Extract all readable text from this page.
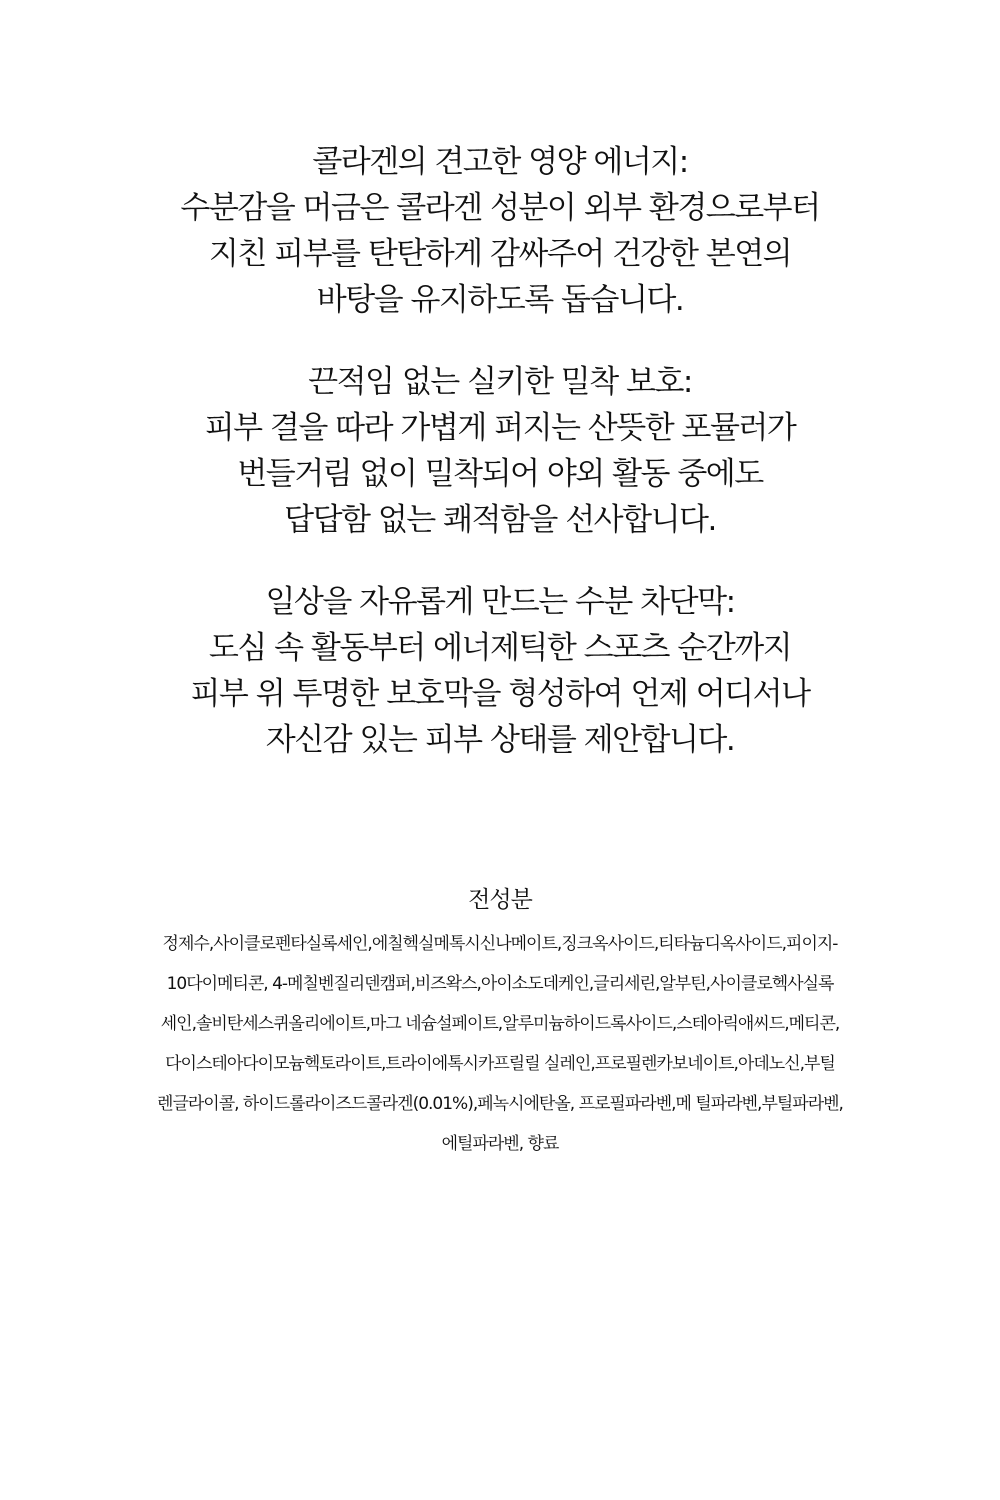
콜라겐의 견고한 영양 에너지:
수분감을 머금은 콜라겐 성분이 외부 환경으로부터
지친 피부를 탄탄하게 감싸주어 건강한 본연의
바탕을 유지하도록 돕습니다.
끈적임 없는 실키한 밀착 보호:
피부 결을 따라 가볍게 퍼지는 산뜻한 포뮬러가
번들거림 없이 밀착되어 야외 활동 중에도
답답함 없는 쾌적함을 선사합니다.
일상을 자유롭게 만드는 수분 차단막:
도심 속 활동부터 에너제틱한 스포츠 순간까지
피부 위 투명한 보호막을 형성하여 언제 어디서나
자신감 있는 피부 상태를 제안합니다.
전성분
정제수,사이클로펜타실록세인,에칠헥실메톡시신나메이트,징크옥사이드,티타늄디옥사이드,피이지-
10다이메티콘, 4-메칠벤질리덴캠퍼,비즈왁스,아이소도데케인,글리세린,알부틴,사이클로헥사실록
세인,솔비탄세스퀴올리에이트,마그 네슘설페이트,알루미늄하이드록사이드,스테아릭애씨드,메티콘,
다이스테아다이모늄헥토라이트,트라이에톡시카프릴릴 실레인,프로필렌카보네이트,아데노신,부틸
렌글라이콜, 하이드롤라이즈드콜라겐(0.01%),페녹시에탄올, 프로필파라벤,메 틸파라벤,부틸파라벤,
에틸파라벤, 향료
